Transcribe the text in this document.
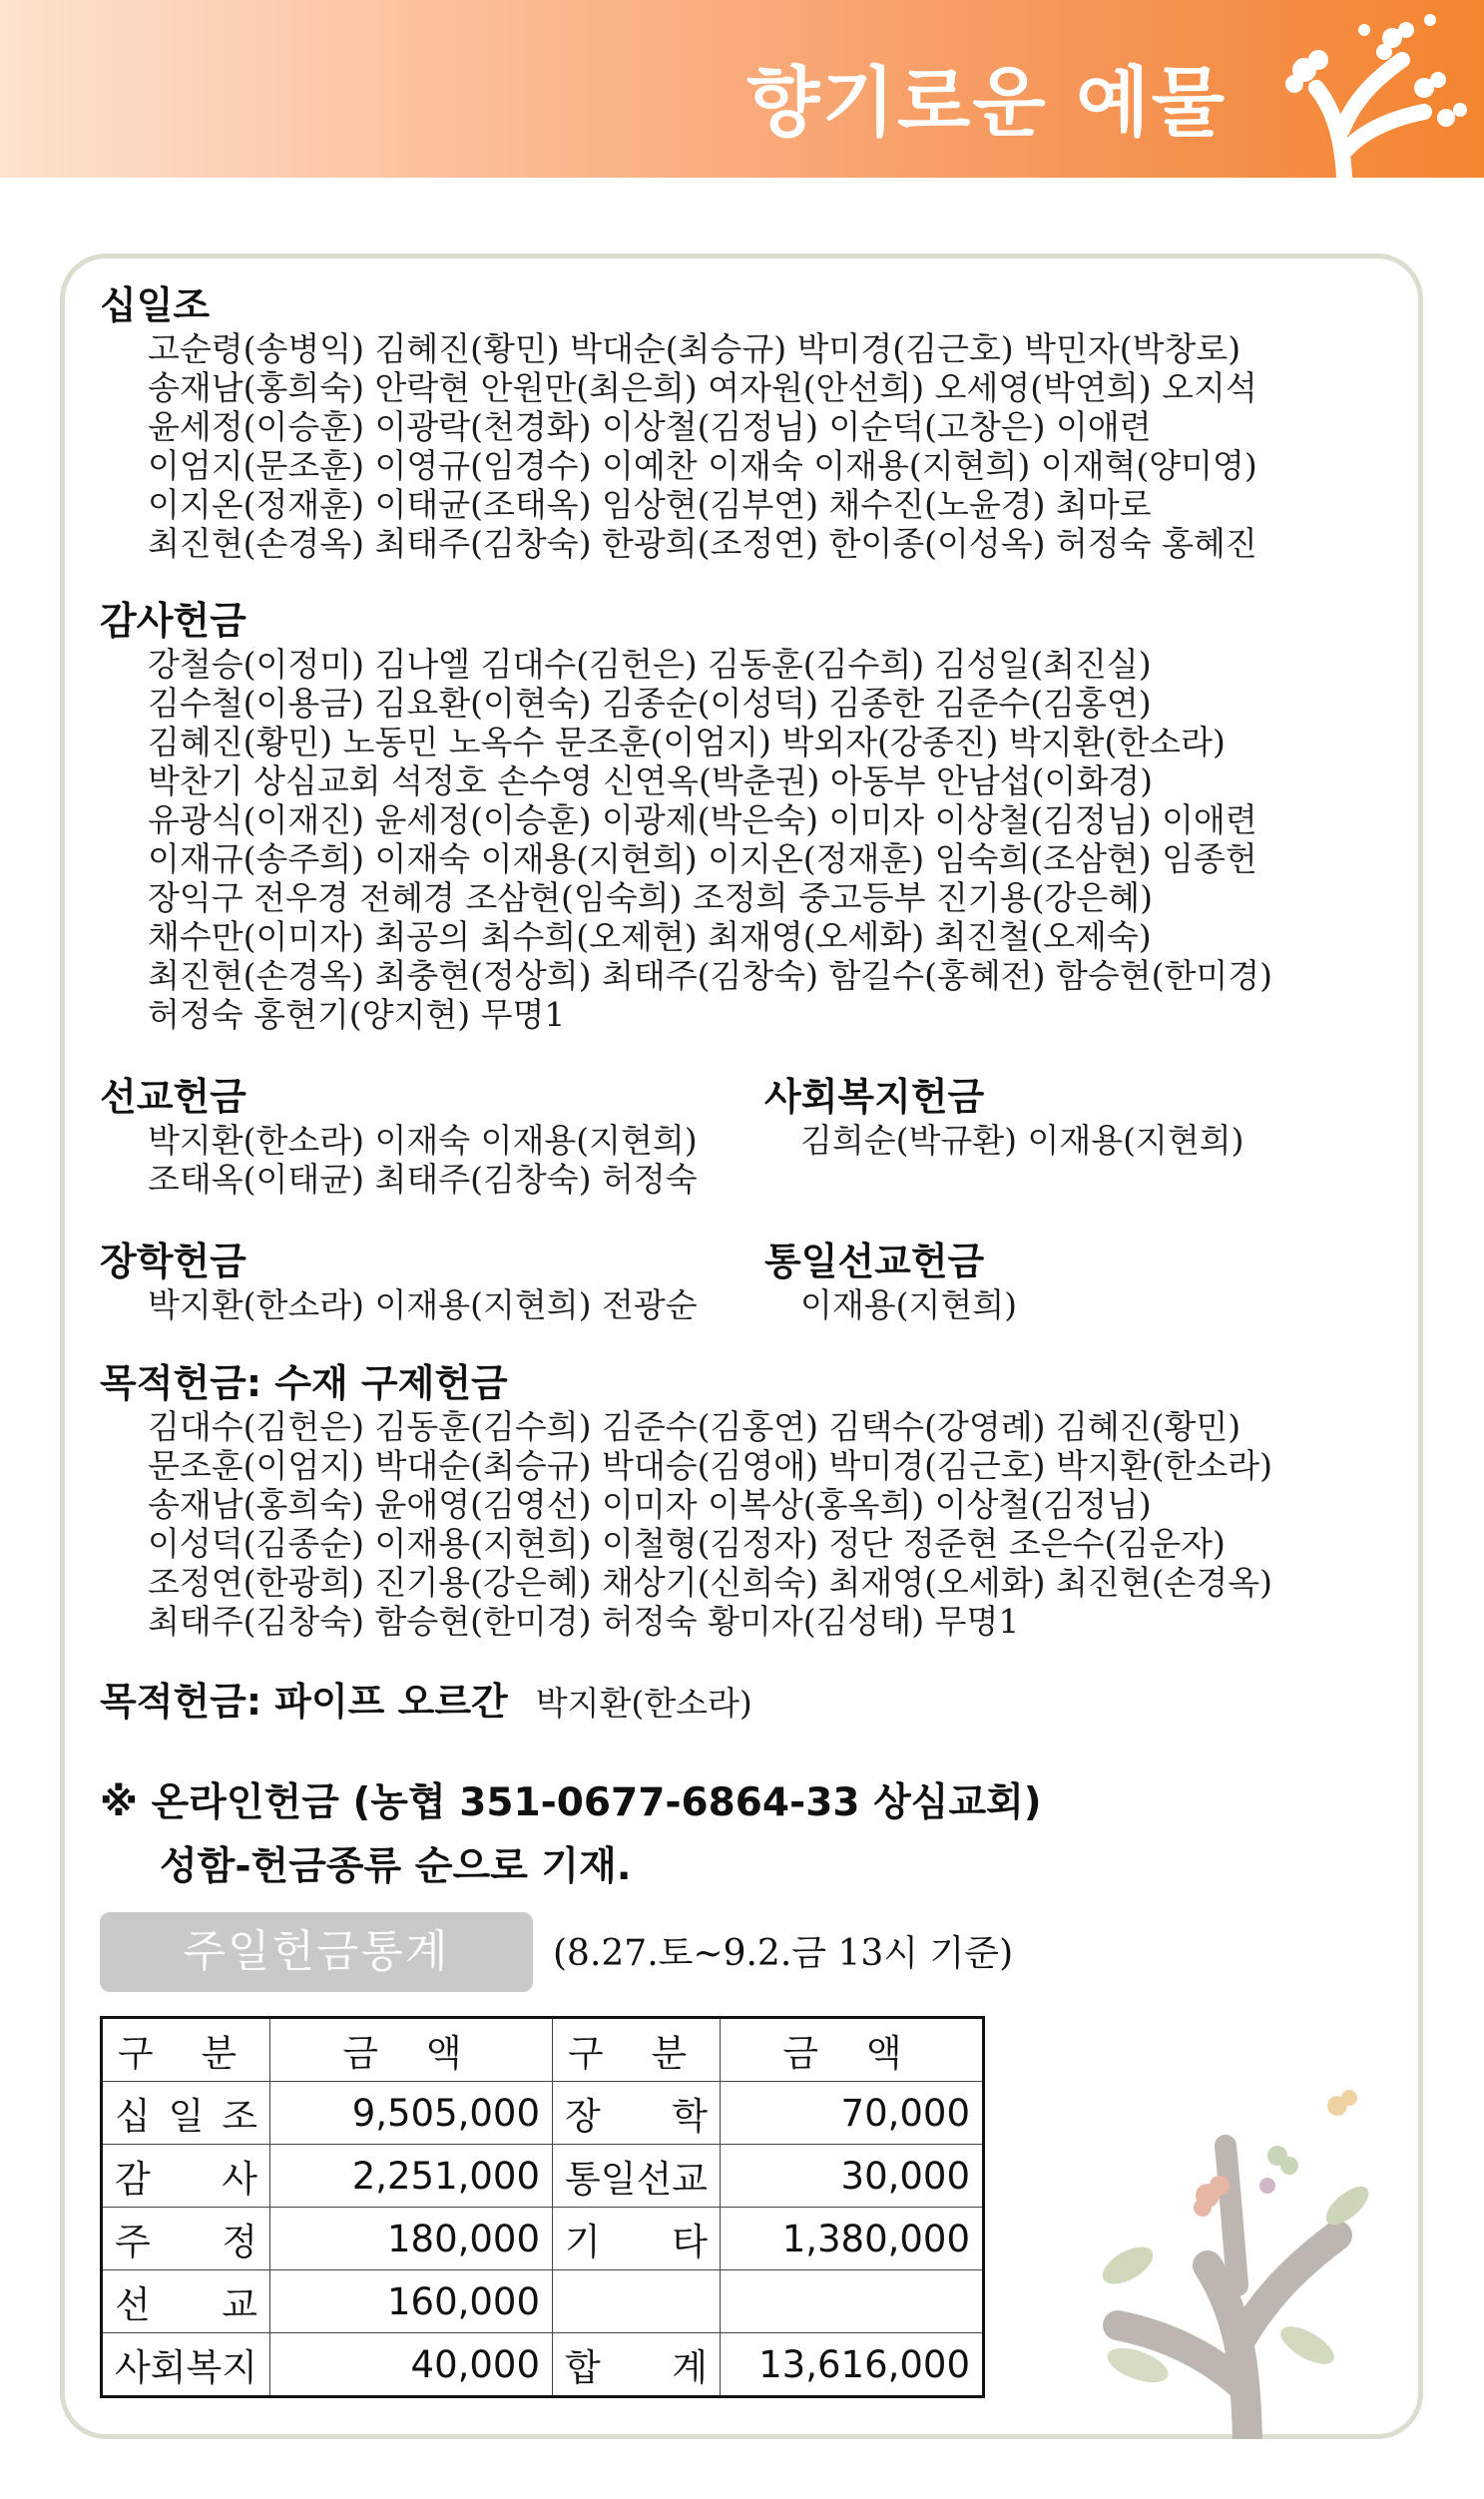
향기로운 예물
십일조
고순령(송병익) 김혜진(황민) 박대순(최승규) 박미경(김근호) 박민자(박창로)
송재남(홍희숙) 안락현 안원만(최은희) 여자원(안선희) 오세영(박연희) 오지석
윤세정(이승훈) 이광락(천경화) 이상철(김정님) 이순덕(고창은) 이애련
이엄지(문조훈) 이영규(임경수) 이예찬 이재숙 이재용(지현희) 이재혁(양미영)
이지온(정재훈) 이태균(조태옥) 임상현(김부연) 채수진(노윤경) 최마로
최진현(손경옥) 최태주(김창숙) 한광희(조정연) 한이종(이성옥) 허정숙 홍혜진
감사헌금
강철승(이정미) 김나엘 김대수(김헌은) 김동훈(김수희) 김성일(최진실)
김수철(이용금) 김요환(이현숙) 김종순(이성덕) 김종한 김준수(김홍연)
김혜진(황민) 노동민 노옥수 문조훈(이엄지) 박외자(강종진) 박지환(한소라)
박찬기 상심교회 석정호 손수영 신연옥(박춘권) 아동부 안남섭(이화경)
유광식(이재진) 윤세정(이승훈) 이광제(박은숙) 이미자 이상철(김정님) 이애련
이재규(송주희) 이재숙 이재용(지현희) 이지온(정재훈) 임숙희(조삼현) 임종헌
장익구 전우경 전혜경 조삼현(임숙희) 조정희 중고등부 진기용(강은혜)
채수만(이미자) 최공의 최수희(오제현) 최재영(오세화) 최진철(오제숙)
최진현(손경옥) 최충현(정상희) 최태주(김창숙) 함길수(홍혜전) 함승현(한미경)
허정숙 홍현기(양지현) 무명1
선교헌금
박지환(한소라) 이재숙 이재용(지현희)
조태옥(이태균) 최태주(김창숙) 허정숙
사회복지헌금
김희순(박규환) 이재용(지현희)
장학헌금
박지환(한소라) 이재용(지현희) 전광순
통일선교헌금
이재용(지현희)
목적헌금: 수재 구제헌금
김대수(김헌은) 김동훈(김수희) 김준수(김홍연) 김택수(강영례) 김혜진(황민)
문조훈(이엄지) 박대순(최승규) 박대승(김영애) 박미경(김근호) 박지환(한소라)
송재남(홍희숙) 윤애영(김영선) 이미자 이복상(홍옥희) 이상철(김정님)
이성덕(김종순) 이재용(지현희) 이철형(김정자) 정단 정준현 조은수(김운자)
조정연(한광희) 진기용(강은혜) 채상기(신희숙) 최재영(오세화) 최진현(손경옥)
최태주(김창숙) 함승현(한미경) 허정숙 황미자(김성태) 무명1
목적헌금: 파이프 오르간 박지환(한소라)
※ 온라인헌금 (농협 351-0677-6864-33 상심교회)
성함-헌금종류 순으로 기재.
주일헌금통계	(8.27.토~9.2.금 13시 기준)
구 분	금 액	구 분	금 액

십 일 조	9,505,000	장 학	70,000

감 사	2,251,000	통 일 선 교	30,000

주 정	180,000	기 타	1,380,000

선 교	160,000	

사 회 복 지	40,000	합 계	13,616,000
